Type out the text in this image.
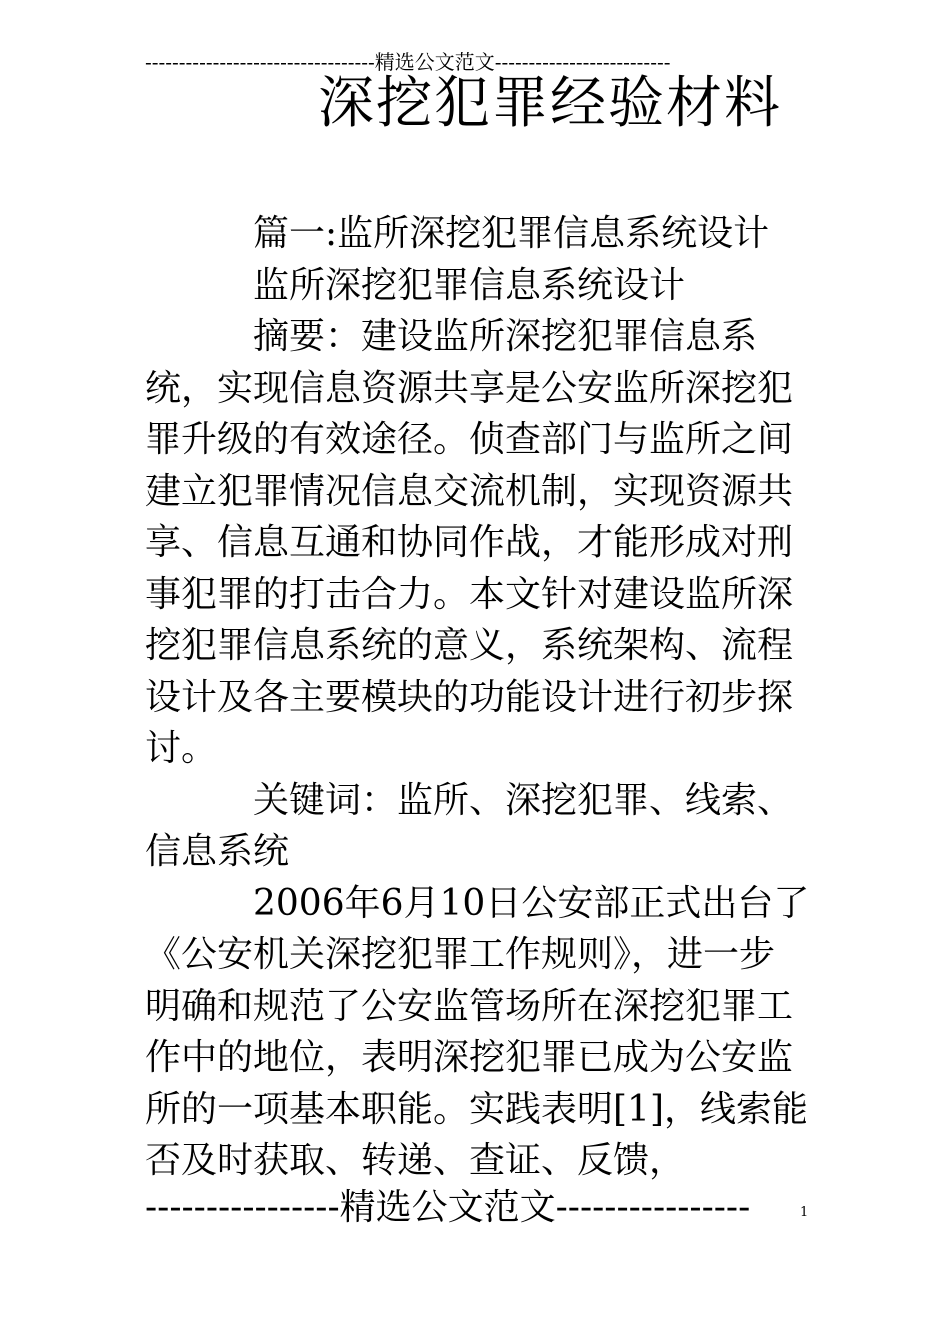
----------------------------------精选公文范文--------------------------
深挖犯罪经验材料

篇一:监所深挖犯罪信息系统设计

监所深挖犯罪信息系统设计

摘要：建设监所深挖犯罪信息系统，实现信息资源共享是公安监所深挖犯罪升级的有效途径。侦查部门与监所之间建立犯罪情况信息交流机制，实现资源共享、信息互通和协同作战，才能形成对刑事犯罪的打击合力。本文针对建设监所深挖犯罪信息系统的意义，系统架构、流程设计及各主要模块的功能设计进行初步探讨。

关键词：监所、深挖犯罪、线索、信息系统

2006年6月10日公安部正式出台了《公安机关深挖犯罪工作规则》，进一步明确和规范了公安监管场所在深挖犯罪工作中的地位，表明深挖犯罪已成为公安监所的一项基本职能。实践表明[1]，线索能否及时获取、转递、查证、反馈，

----------------精选公文范文----------------	1
